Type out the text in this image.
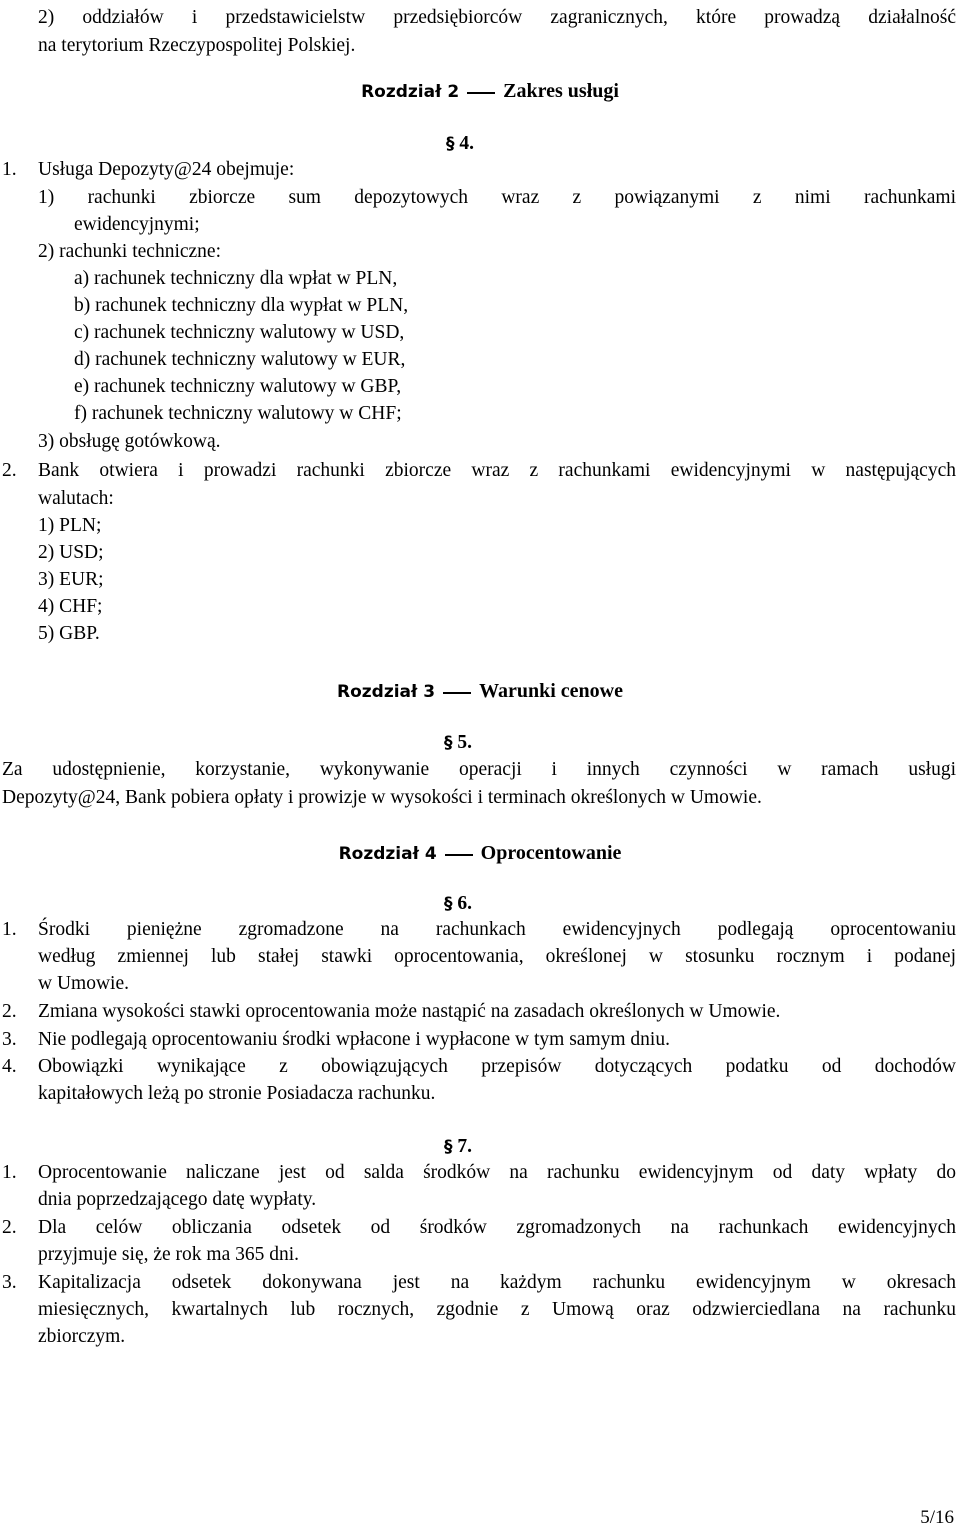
2) oddziałów i przedstawicielstw przedsiębiorców zagranicznych, które prowadzą działalność
na terytorium Rzeczypospolitej Polskiej.
Rozdział 2 Zakres usługi
§ 4.
1. Usługa Depozyty@24 obejmuje:
1) rachunki zbiorcze sum depozytowych wraz z powiązanymi z nimi rachunkami
ewidencyjnymi;
2) rachunki techniczne:
a) rachunek techniczny dla wpłat w PLN,
b) rachunek techniczny dla wypłat w PLN,
c) rachunek techniczny walutowy w USD,
d) rachunek techniczny walutowy w EUR,
e) rachunek techniczny walutowy w GBP,
f) rachunek techniczny walutowy w CHF;
3) obsługę gotówkową.
2. Bank otwiera i prowadzi rachunki zbiorcze wraz z rachunkami ewidencyjnymi w następujących
walutach:
1) PLN;
2) USD;
3) EUR;
4) CHF;
5) GBP.
Rozdział 3 Warunki cenowe
§ 5.
Za udostępnienie, korzystanie, wykonywanie operacji i innych czynności w ramach usługi
Depozyty@24, Bank pobiera opłaty i prowizje w wysokości i terminach określonych w Umowie.
Rozdział 4 Oprocentowanie
§ 6.
1. Środki pieniężne zgromadzone na rachunkach ewidencyjnych podlegają oprocentowaniu
według zmiennej lub stałej stawki oprocentowania, określonej w stosunku rocznym i podanej
w Umowie.
2. Zmiana wysokości stawki oprocentowania może nastąpić na zasadach określonych w Umowie.
3. Nie podlegają oprocentowaniu środki wpłacone i wypłacone w tym samym dniu.
4. Obowiązki wynikające z obowiązujących przepisów dotyczących podatku od dochodów
kapitałowych leżą po stronie Posiadacza rachunku.
§ 7.
1. Oprocentowanie naliczane jest od salda środków na rachunku ewidencyjnym od daty wpłaty do
dnia poprzedzającego datę wypłaty.
2. Dla celów obliczania odsetek od środków zgromadzonych na rachunkach ewidencyjnych
przyjmuje się, że rok ma 365 dni.
3. Kapitalizacja odsetek dokonywana jest na każdym rachunku ewidencyjnym w okresach
miesięcznych, kwartalnych lub rocznych, zgodnie z Umową oraz odzwierciedlana na rachunku
zbiorczym.
5/16
